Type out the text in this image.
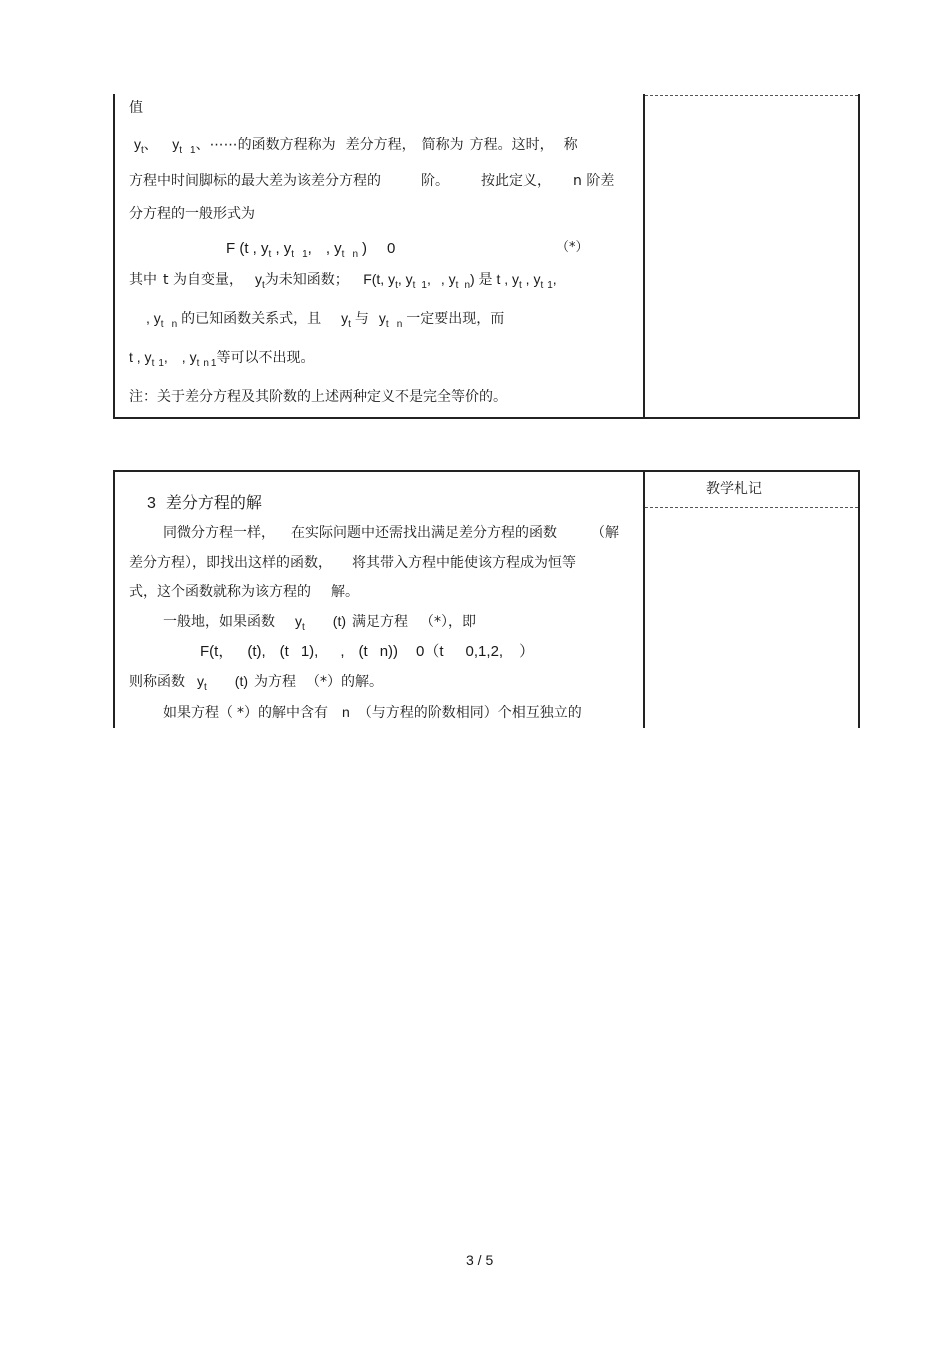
值
$y_t$、 $y_t$ $_1$、⋯⋯的函数方程称为 差分方程， 简称为 方程。这时， 称
方程中时间脚标的最大差为该差分方程的	阶。 按此定义， n 阶差
分方程的一般形式为
F (t , $y_t$ , $y_t$ $_1$, , $y_t$ $_n$ ) 0	（*）
其中 t 为自变量， $y_t$为未知函数； F(t, $y_t$, $y_t$ $_1$, , $y_t$ $_n$) 是 t , $y_t$ , $y_t$ $_1$,
, $y_t$ $_n$ 的已知函数关系式，且 $y_t$ 与 $y_t$ $_n$ 一定要出现，而
t , $y_t$ $_1$, , $y_t$ $_n$ $_1$等可以不出现。
注：关于差分方程及其阶数的上述两种定义不是完全等价的。
教学札记
3 差分方程的解
同微分方程一样， 在实际问题中还需找出满足差分方程的函数 （解
差分方程），即找出这样的函数， 将其带入方程中能使该方程成为恒等
式，这个函数就称为该方程的 解。
一般地，如果函数 $y_t$ (t) 满足方程 （*），即
F(t， (t), (t 1), , (t n)) 0（t 0,1,2, ）
则称函数 $y_t$ (t) 为方程 （*）的解。
如果方程（ *）的解中含有 n （与方程的阶数相同）个相互独立的
3 / 5
